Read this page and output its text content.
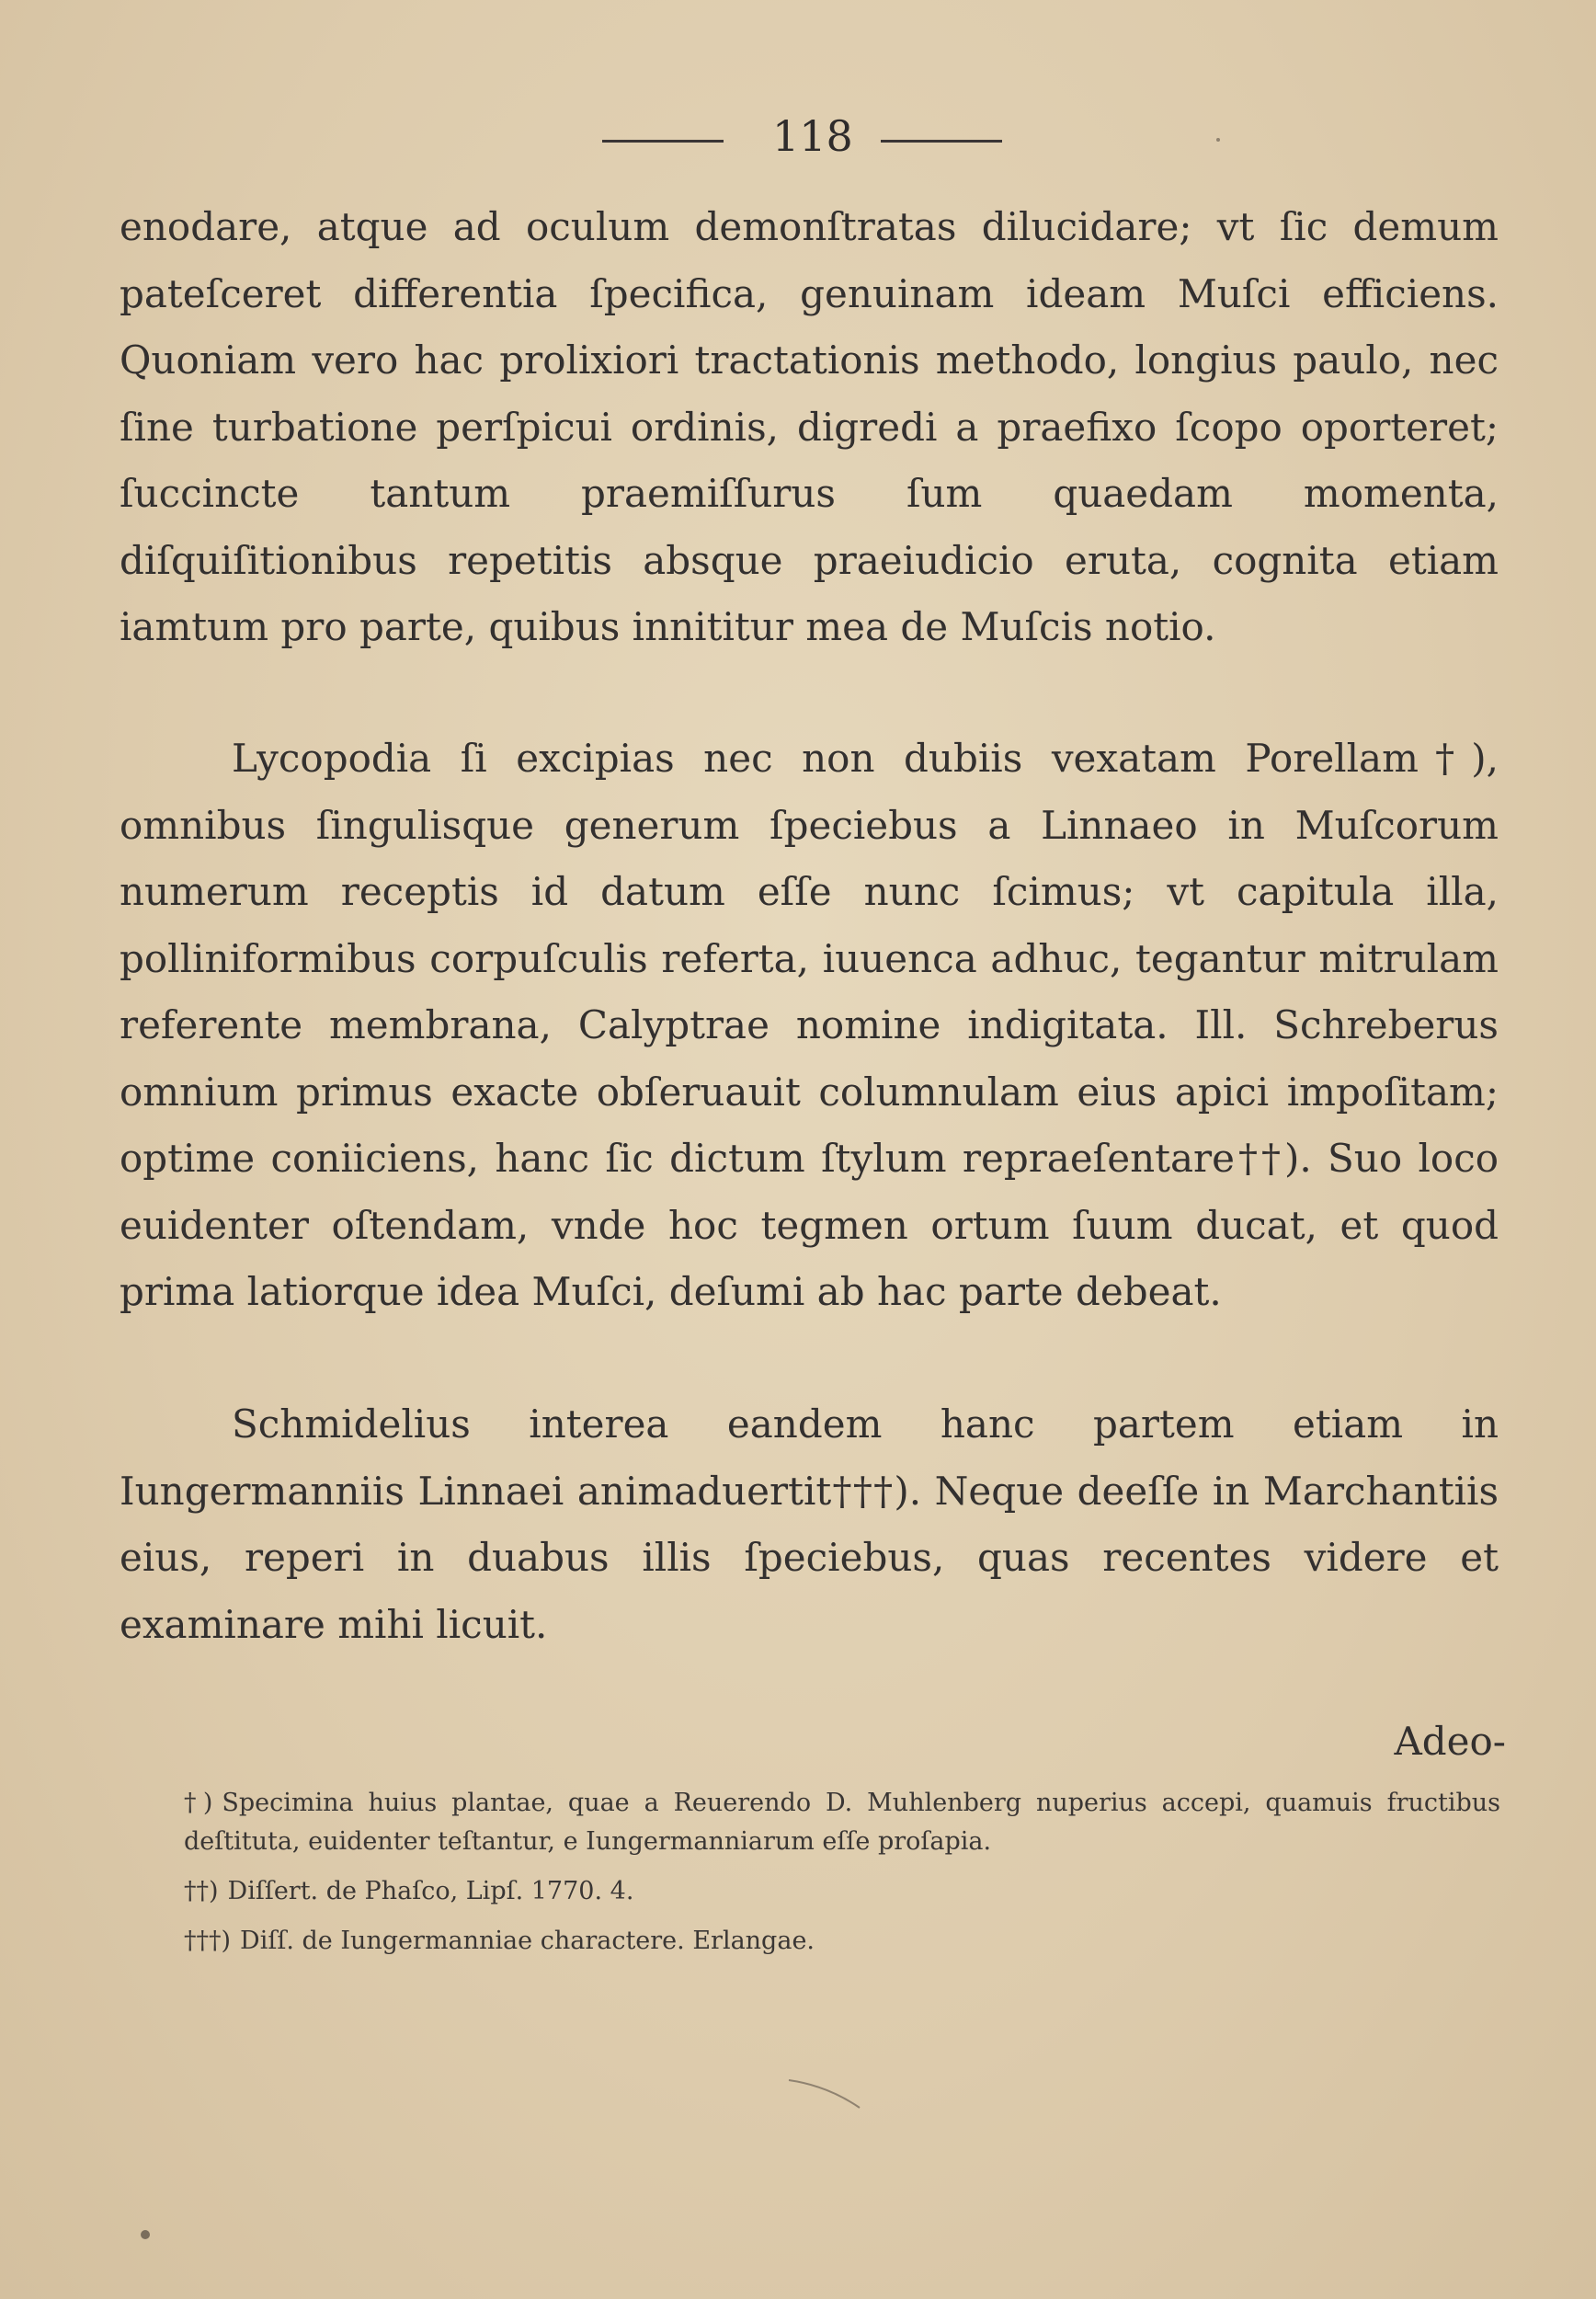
118

enodare, atque ad oculum demonſtratas dilucidare; vt ſic demum pateſceret differentia ſpecifica, genuinam ideam Muſci efficiens. Quoniam vero hac prolixiori tractationis methodo, longius paulo, nec ſine turbatione perſpicui ordinis, digredi a praefixo ſcopo oporteret; ſuccincte tantum praemiſſurus ſum quaedam momenta, diſquiſitionibus repetitis absque praeiudicio eruta, cognita etiam iamtum pro parte, quibus innititur mea de Muſcis notio.

Lycopodia ſi excipias nec non dubiis vexatam Porellam†), omnibus ſingulisque generum ſpeciebus a Linnaeo in Muſcorum numerum receptis id datum eſſe nunc ſcimus; vt capitula illa, polliniformibus corpuſculis referta, iuuenca adhuc, tegantur mitrulam referente membrana, Calyptrae nomine indigitata. Ill. Schreberus omnium primus exacte obſeruauit columnulam eius apici impoſitam; optime coniiciens, hanc ſic dictum ſtylum repraeſentare††). Suo loco euidenter oſtendam, vnde hoc tegmen ortum ſuum ducat, et quod prima latiorque idea Muſci, deſumi ab hac parte debeat.

Schmidelius interea eandem hanc partem etiam in Iungermanniis Linnaei animaduertit†††). Neque deeſſe in Marchantiis eius, reperi in duabus illis ſpeciebus, quas recentes videre et examinare mihi licuit.

Adeo-

†) Specimina huius plantae, quae a Reuerendo D. Muhlenberg nuperius accepi, quamuis fructibus deſtituta, euidenter teſtantur, e Iungermanniarum eſſe proſapia.

††) Diſſert. de Phaſco, Lipſ. 1770. 4.

†††) Diſſ. de Iungermanniae charactere. Erlangae.
